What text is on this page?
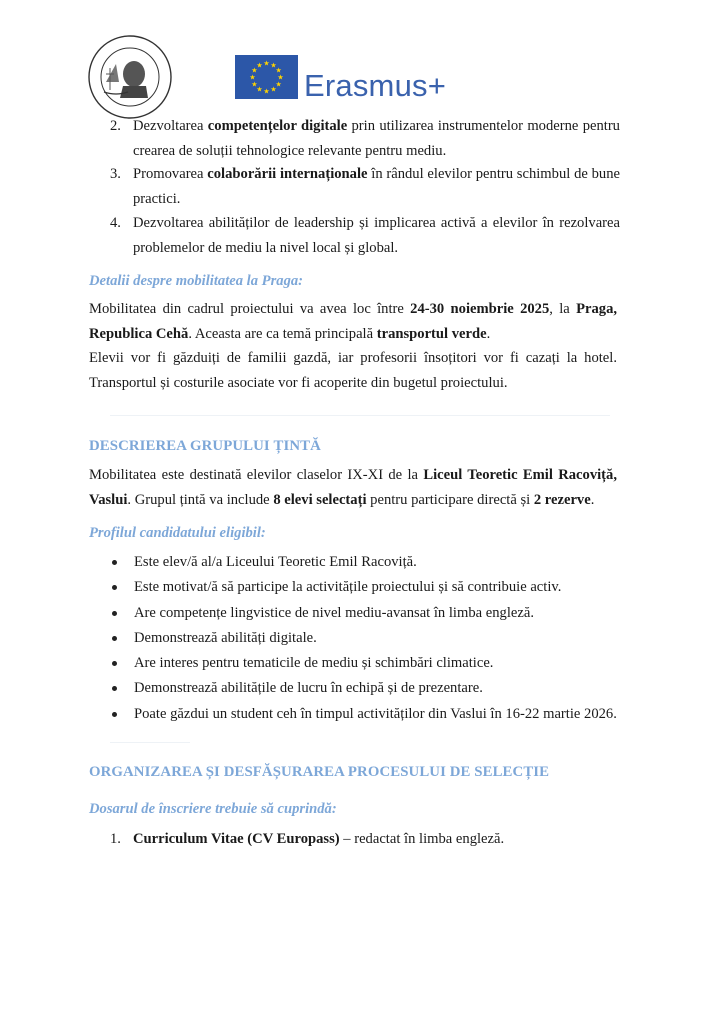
★
★
★
★
★
★
★
★
★ ★ ★
★ Erasmus+
2. Dezvoltarea competențelor digitale prin utilizarea instrumentelor moderne pentru crearea de soluții tehnologice relevante pentru mediu.
3. Promovarea colaborării internaționale în rândul elevilor pentru schimbul de bune practici.
4. Dezvoltarea abilităților de leadership și implicarea activă a elevilor în rezolvarea problemelor de mediu la nivel local și global.
Detalii despre mobilitatea la Praga:
Mobilitatea din cadrul proiectului va avea loc între 24-30 noiembrie 2025, la Praga, Republica Cehă. Aceasta are ca temă principală transportul verde.
Elevii vor fi găzduiți de familii gazdă, iar profesorii însoțitori vor fi cazați la hotel. Transportul și costurile asociate vor fi acoperite din bugetul proiectului.
DESCRIEREA GRUPULUI ȚINTĂ
Mobilitatea este destinată elevilor claselor IX-XI de la Liceul Teoretic Emil Racoviță, Vaslui. Grupul țintă va include 8 elevi selectați pentru participare directă și 2 rezerve.
Profilul candidatului eligibil:
Este elev/ă al/a Liceului Teoretic Emil Racoviță.
Este motivat/ă să participe la activitățile proiectului și să contribuie activ.
Are competențe lingvistice de nivel mediu-avansat în limba engleză.
Demonstrează abilități digitale.
Are interes pentru tematicile de mediu și schimbări climatice.
Demonstrează abilitățile de lucru în echipă și de prezentare.
Poate găzdui un student ceh în timpul activităților din Vaslui în 16-22 martie 2026.
ORGANIZAREA ȘI DESFĂȘURAREA PROCESULUI DE SELECȚIE
Dosarul de înscriere trebuie să cuprindă:
1. Curriculum Vitae (CV Europass) – redactat în limba engleză.
